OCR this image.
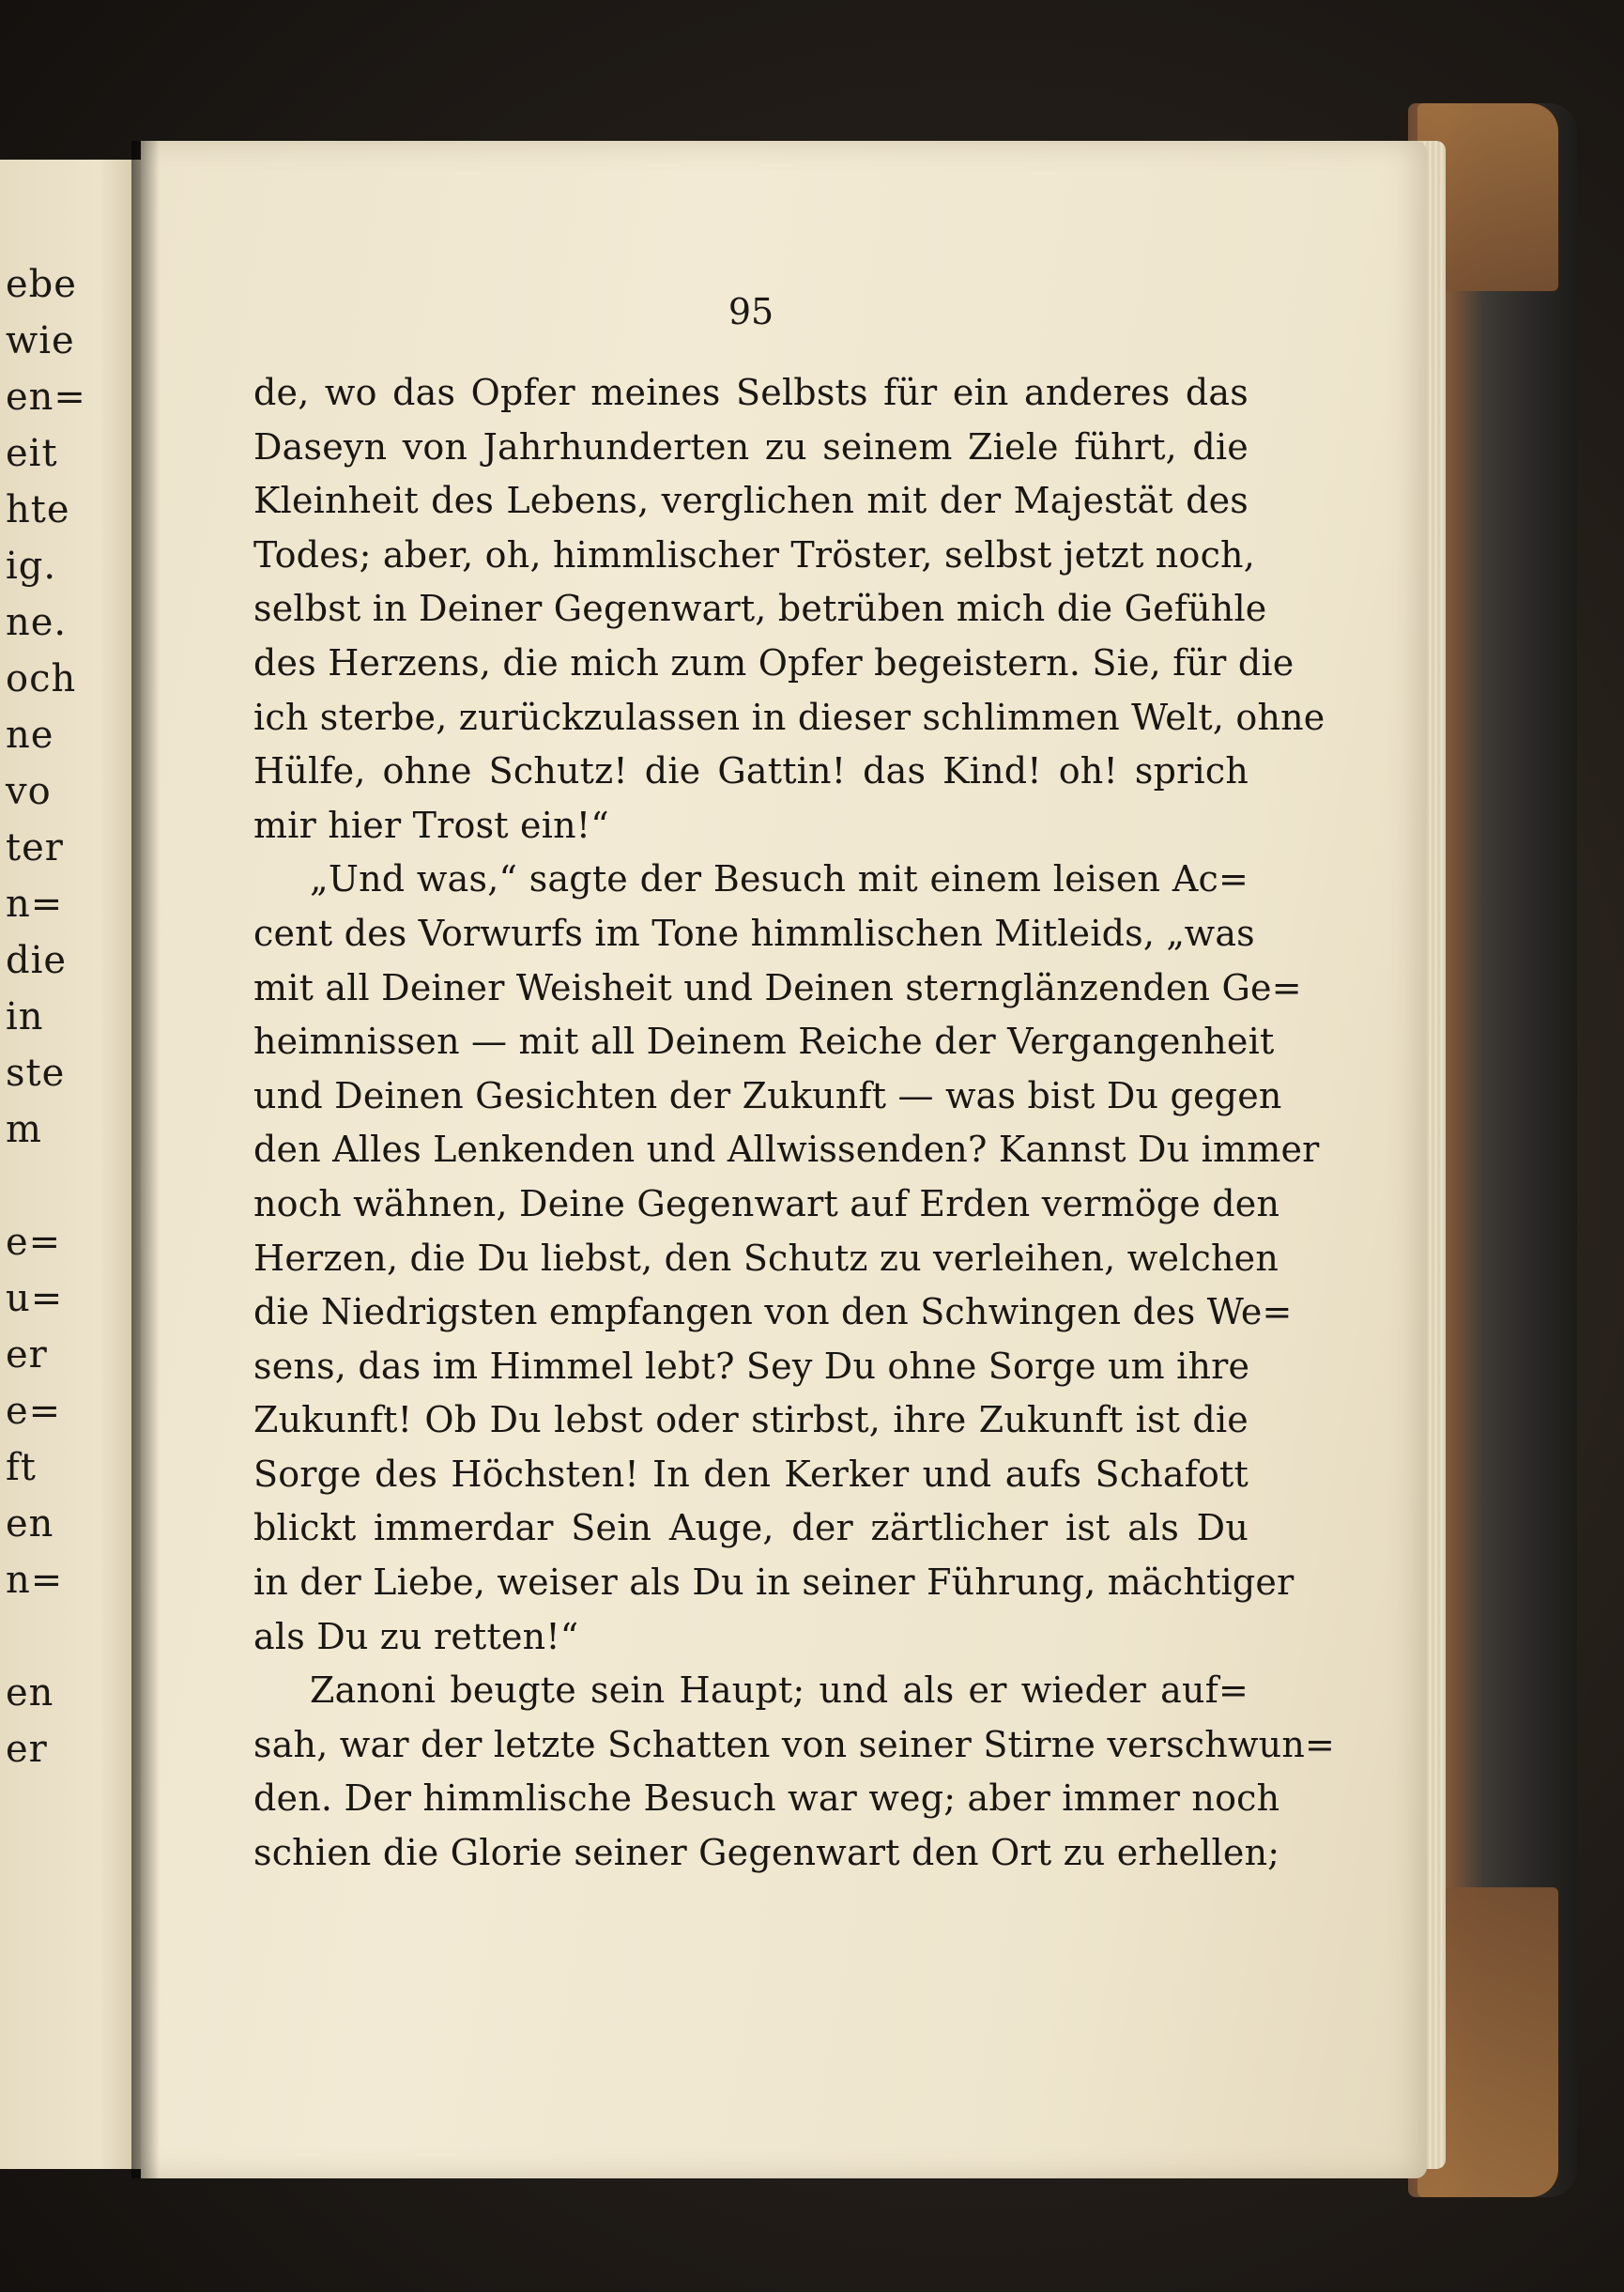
ebe
wie
en=
eit
hte
ig.
ne.
och
ne
vo
ter
n=
die
in
ste
m
e=
u=
er
e=
ft
en
n=
en
er
95
de, wo das Opfer meines Selbsts für ein anderes das
Daseyn von Jahrhunderten zu seinem Ziele führt, die
Kleinheit des Lebens, verglichen mit der Majestät des
Todes; aber, oh, himmlischer Tröster, selbst jetzt noch,
selbst in Deiner Gegenwart, betrüben mich die Gefühle
des Herzens, die mich zum Opfer begeistern. Sie, für die
ich sterbe, zurückzulassen in dieser schlimmen Welt, ohne
Hülfe, ohne Schutz! die Gattin! das Kind! oh! sprich
mir hier Trost ein!“
„Und was,“ sagte der Besuch mit einem leisen Ac=
cent des Vorwurfs im Tone himmlischen Mitleids, „was
mit all Deiner Weisheit und Deinen sternglänzenden Ge=
heimnissen — mit all Deinem Reiche der Vergangenheit
und Deinen Gesichten der Zukunft — was bist Du gegen
den Alles Lenkenden und Allwissenden? Kannst Du immer
noch wähnen, Deine Gegenwart auf Erden vermöge den
Herzen, die Du liebst, den Schutz zu verleihen, welchen
die Niedrigsten empfangen von den Schwingen des We=
sens, das im Himmel lebt? Sey Du ohne Sorge um ihre
Zukunft! Ob Du lebst oder stirbst, ihre Zukunft ist die
Sorge des Höchsten! In den Kerker und aufs Schafott
blickt immerdar Sein Auge, der zärtlicher ist als Du
in der Liebe, weiser als Du in seiner Führung, mächtiger
als Du zu retten!“
Zanoni beugte sein Haupt; und als er wieder auf=
sah, war der letzte Schatten von seiner Stirne verschwun=
den. Der himmlische Besuch war weg; aber immer noch
schien die Glorie seiner Gegenwart den Ort zu erhellen;
